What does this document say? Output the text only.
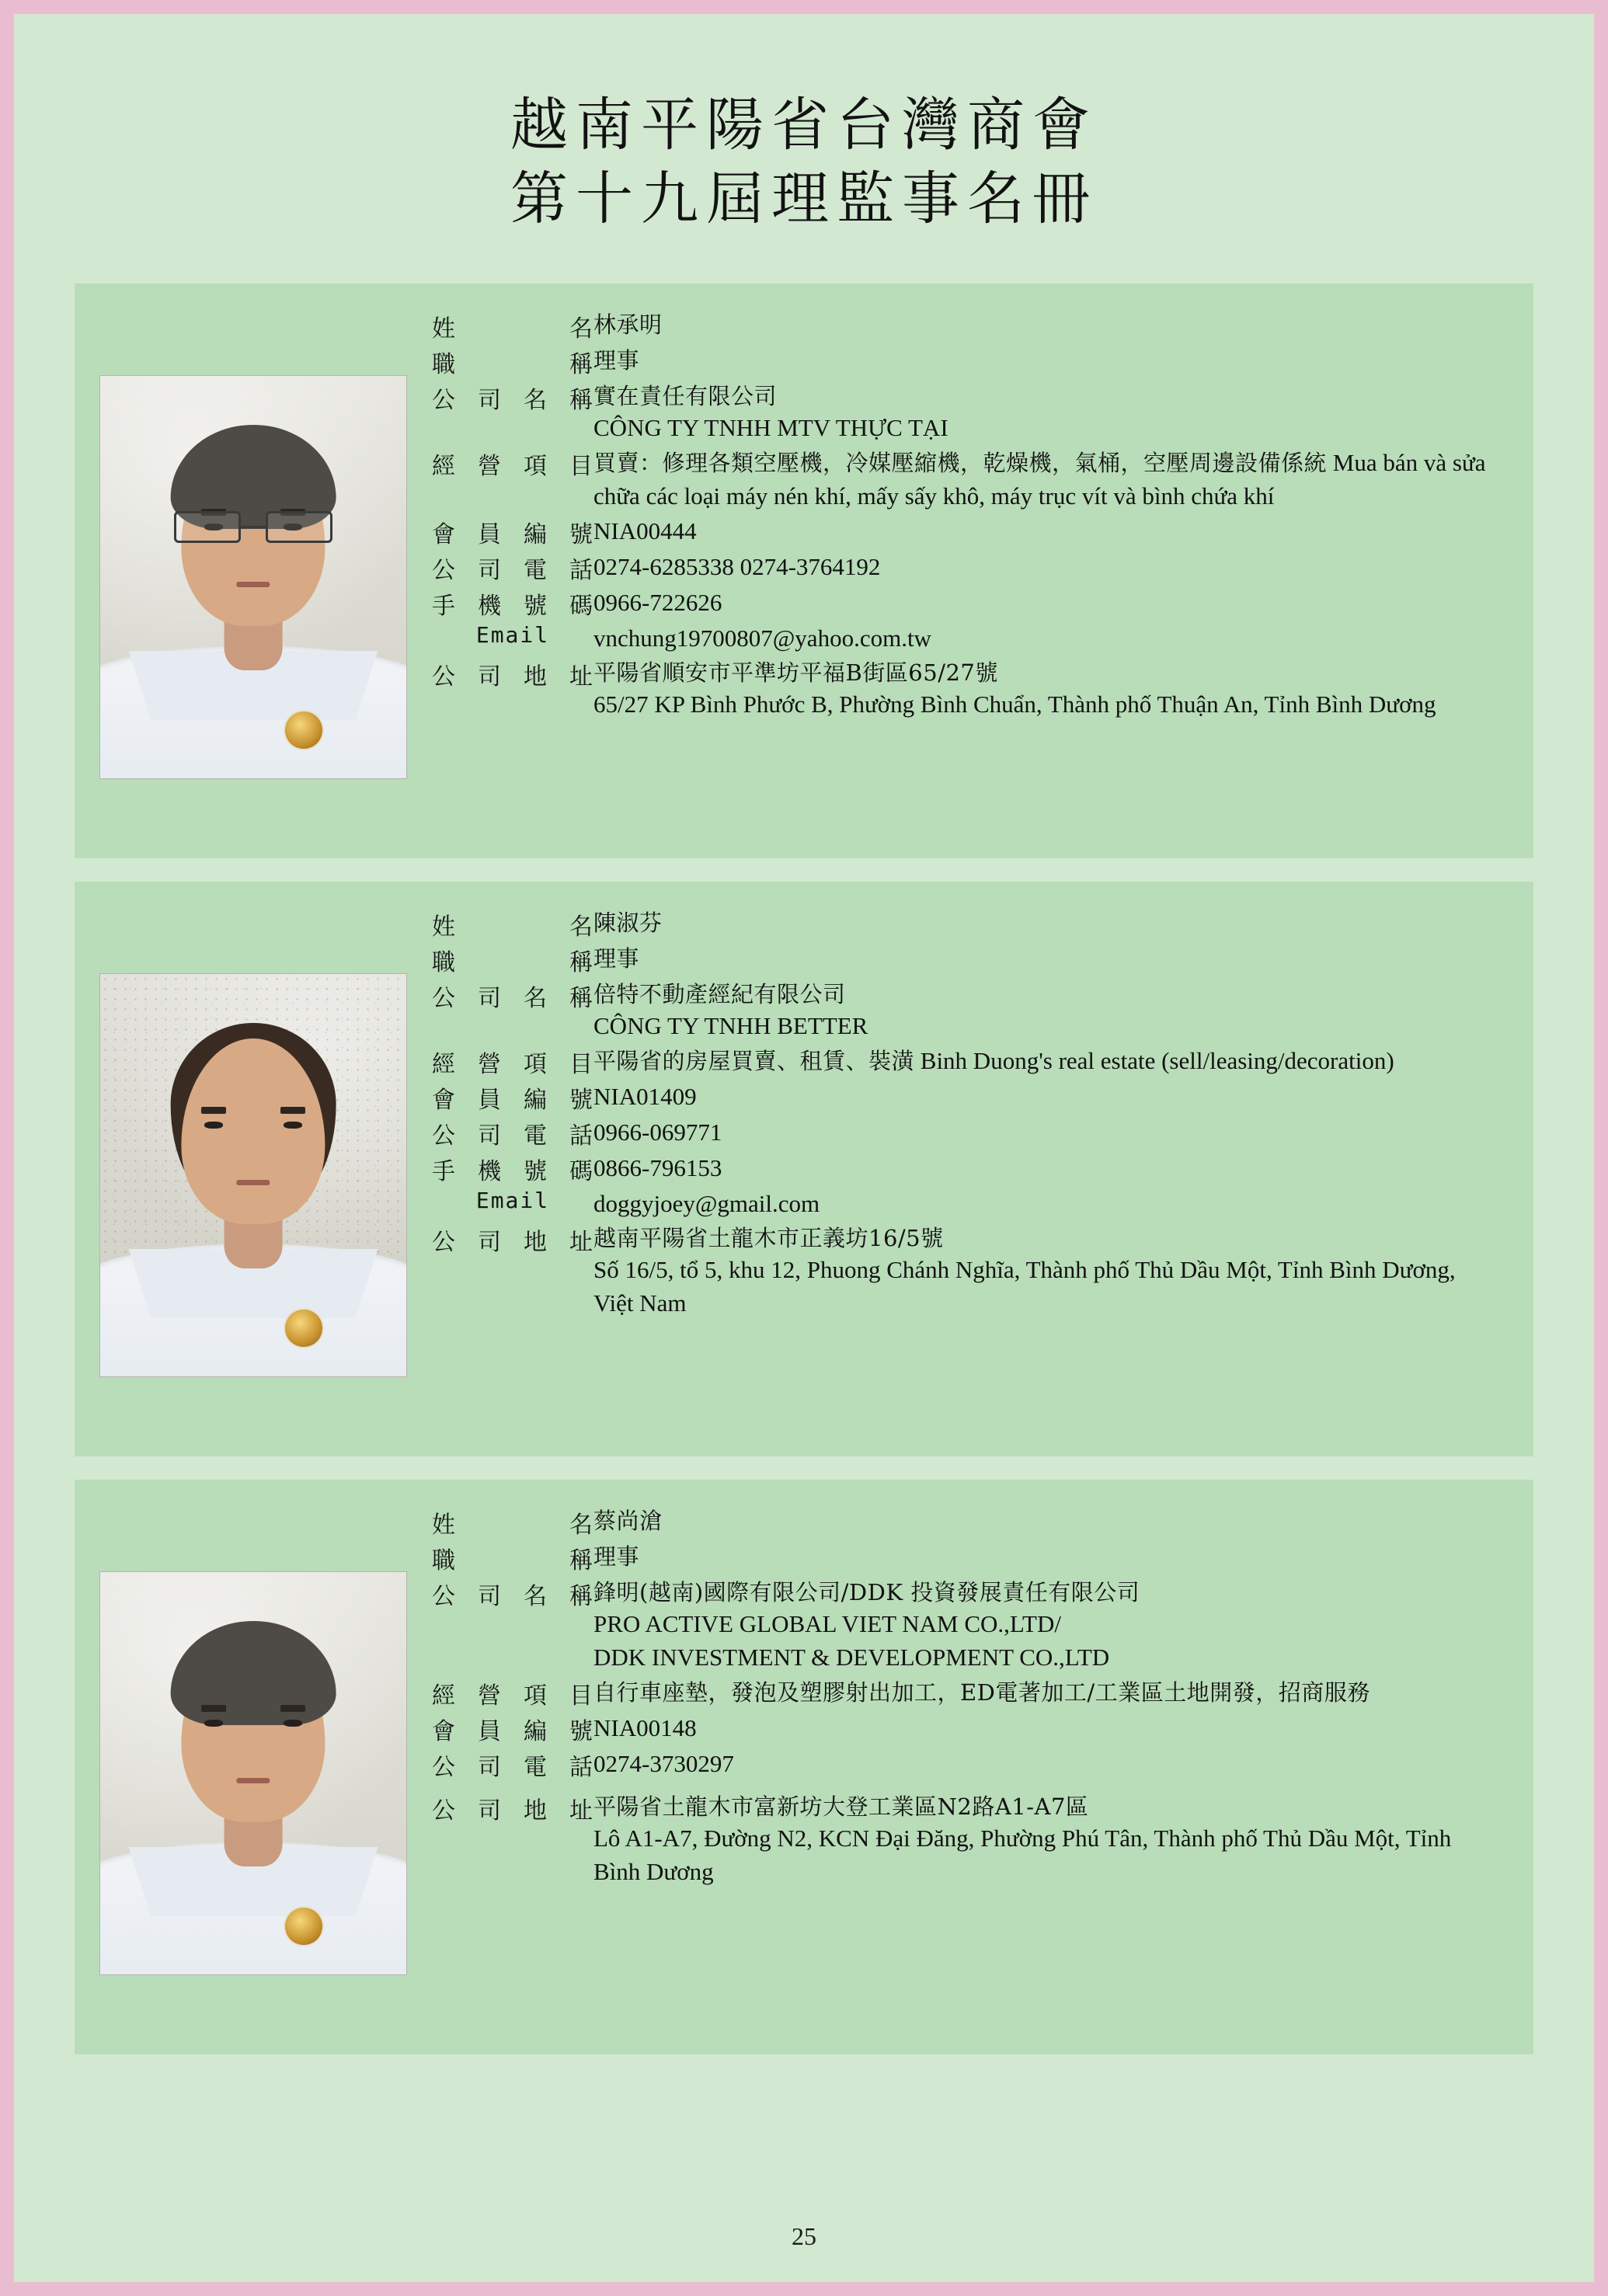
越南平陽省台灣商會
第十九屆理監事名冊
姓名	林承明

職稱	理事

公司名稱	實在責任有限公司
CÔNG TY TNHH MTV THỰC TẠI

經營項目	買賣：修理各類空壓機，冷媒壓縮機，乾燥機，氣桶，空壓周邊設備係統 Mua bán và sửa chữa các loại máy nén khí, mấy sấy khô, máy trục vít và bình chứa khí
會員編號	NIA00444
公司電話	0274-6285338 0274-3764192
手機號碼	0966-722626
Email	vnchung19700807@yahoo.com.tw
公司地址	平陽省順安市平準坊平福B街區65/27號
65/27 KP Bình Phước B, Phường Bình Chuẩn, Thành phố Thuận An, Tỉnh Bình Dương
姓名	陳淑芬

職稱	理事

公司名稱	倍特不動產經紀有限公司
CÔNG TY TNHH BETTER

經營項目	平陽省的房屋買賣、租賃、裝潢 Binh Duong's real estate (sell/leasing/decoration)
會員編號	NIA01409
公司電話	0966-069771
手機號碼	0866-796153
Email	doggyjoey@gmail.com
公司地址	越南平陽省土龍木市正義坊16/5號
Số 16/5, tổ 5, khu 12, Phuong Chánh Nghĩa, Thành phố Thủ Dầu Một, Tỉnh Bình Dương, Việt Nam
姓名	蔡尚滄

職稱	理事

公司名稱	鋒明(越南)國際有限公司/DDK 投資發展責任有限公司
PRO ACTIVE GLOBAL VIET NAM CO.,LTD/
DDK INVESTMENT & DEVELOPMENT CO.,LTD

經營項目	自行車座墊，發泡及塑膠射出加工，ED電著加工/工業區土地開發，招商服務
會員編號	NIA00148
公司電話	0274-3730297

公司地址	平陽省土龍木市富新坊大登工業區N2路A1-A7區
Lô A1-A7, Đường N2, KCN Đại Đăng, Phường Phú Tân, Thành phố Thủ Dầu Một, Tỉnh Bình Dương
25
